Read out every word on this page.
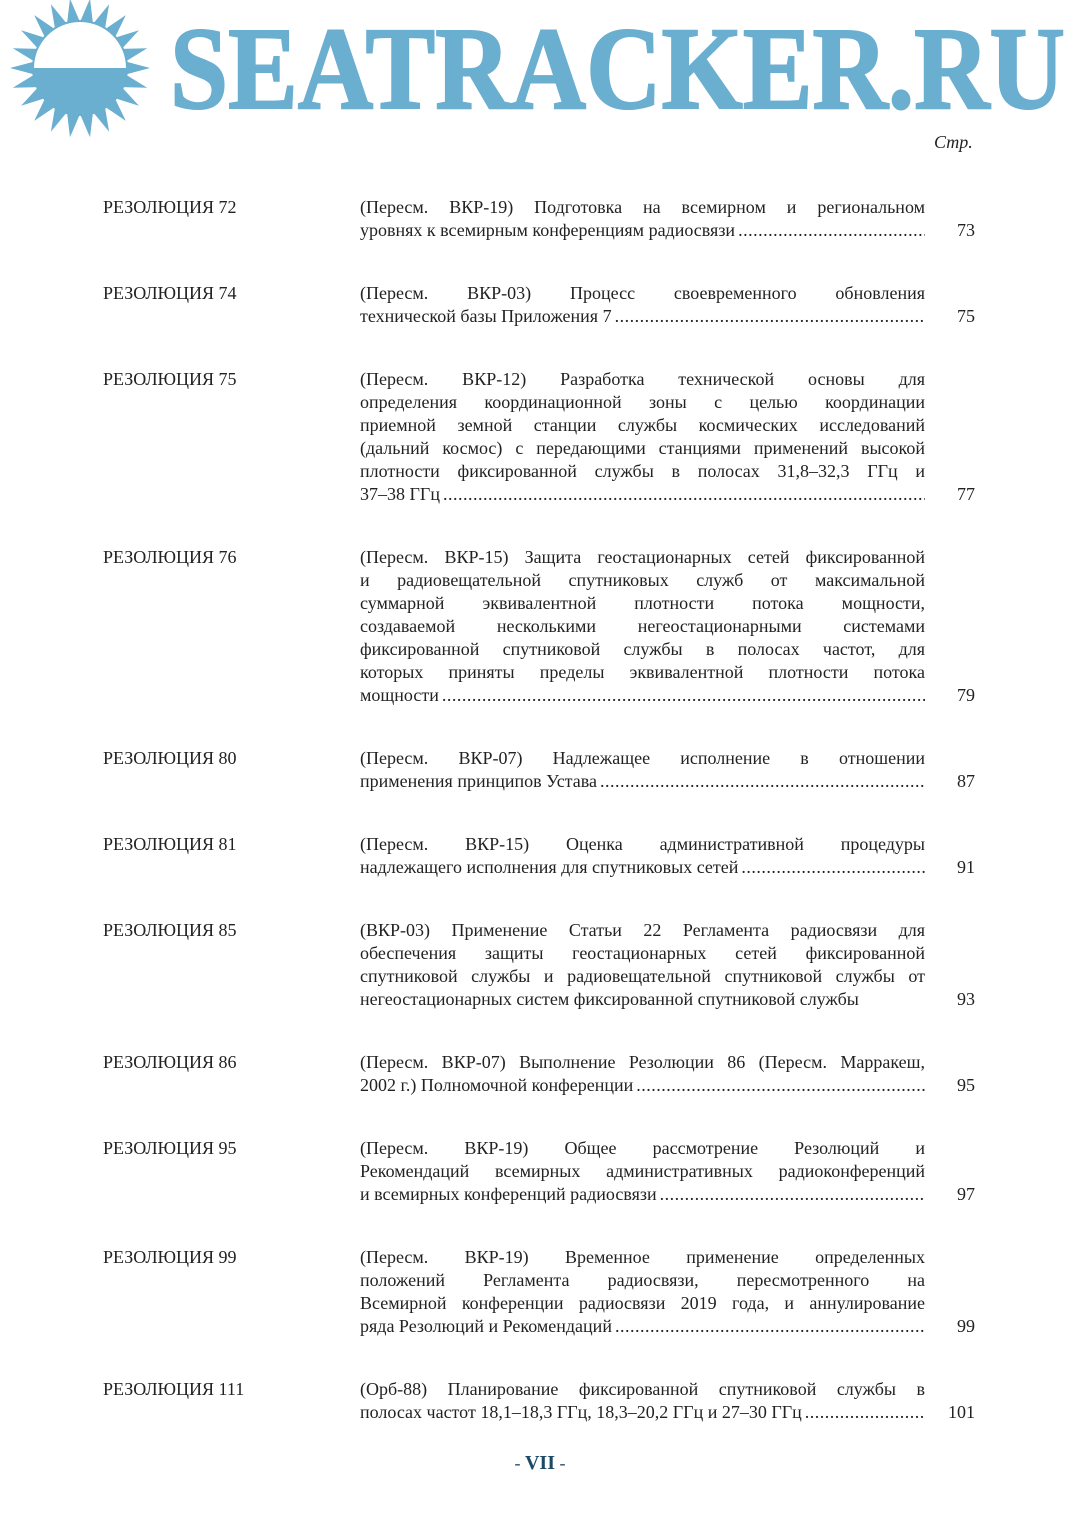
SEATRACKER.RU
Стр.
РЕЗОЛЮЦИЯ 72	(Пересм. ВКР-19) Подготовка на всемирном и региональном
уровнях к всемирным конференциям радиосвязи .....	73
РЕЗОЛЮЦИЯ 74	(Пересм. ВКР-03) Процесс своевременного обновления
технической базы Приложения 7 .....	75
РЕЗОЛЮЦИЯ 75	(Пересм. ВКР-12) Разработка технической основы для
определения координационной зоны с целью координации
приемной земной станции службы космических исследований
(дальний космос) с передающими станциями применений высокой
плотности фиксированной службы в полосах 31,8–32,3 ГГц и
37–38 ГГц .....	77
РЕЗОЛЮЦИЯ 76	(Пересм. ВКР-15) Защита геостационарных сетей фиксированной
и радиовещательной спутниковых служб от максимальной
суммарной эквивалентной плотности потока мощности,
создаваемой несколькими негеостационарными системами
фиксированной спутниковой службы в полосах частот, для
которых приняты пределы эквивалентной плотности потока
мощности .....	79
РЕЗОЛЮЦИЯ 80	(Пересм. ВКР-07) Надлежащее исполнение в отношении
применения принципов Устава .....	87
РЕЗОЛЮЦИЯ 81	(Пересм. ВКР-15) Оценка административной процедуры
надлежащего исполнения для спутниковых сетей .....	91
РЕЗОЛЮЦИЯ 85	(ВКР-03) Применение Статьи 22 Регламента радиосвязи для
обеспечения защиты геостационарных сетей фиксированной
спутниковой службы и радиовещательной спутниковой службы от
негеостационарных систем фиксированной спутниковой службы	93
РЕЗОЛЮЦИЯ 86	(Пересм. ВКР-07) Выполнение Резолюции 86 (Пересм. Марракеш,
2002 г.) Полномочной конференции .....	95
РЕЗОЛЮЦИЯ 95	(Пересм. ВКР-19) Общее рассмотрение Резолюций и
Рекомендаций всемирных административных радиоконференций
и всемирных конференций радиосвязи .....	97
РЕЗОЛЮЦИЯ 99	(Пересм. ВКР-19) Временное применение определенных
положений Регламента радиосвязи, пересмотренного на
Всемирной конференции радиосвязи 2019 года, и аннулирование
ряда Резолюций и Рекомендаций .....	99
РЕЗОЛЮЦИЯ 111	(Орб-88) Планирование фиксированной спутниковой службы в
полосах частот 18,1–18,3 ГГц, 18,3–20,2 ГГц и 27–30 ГГц .....	101
- VII -
